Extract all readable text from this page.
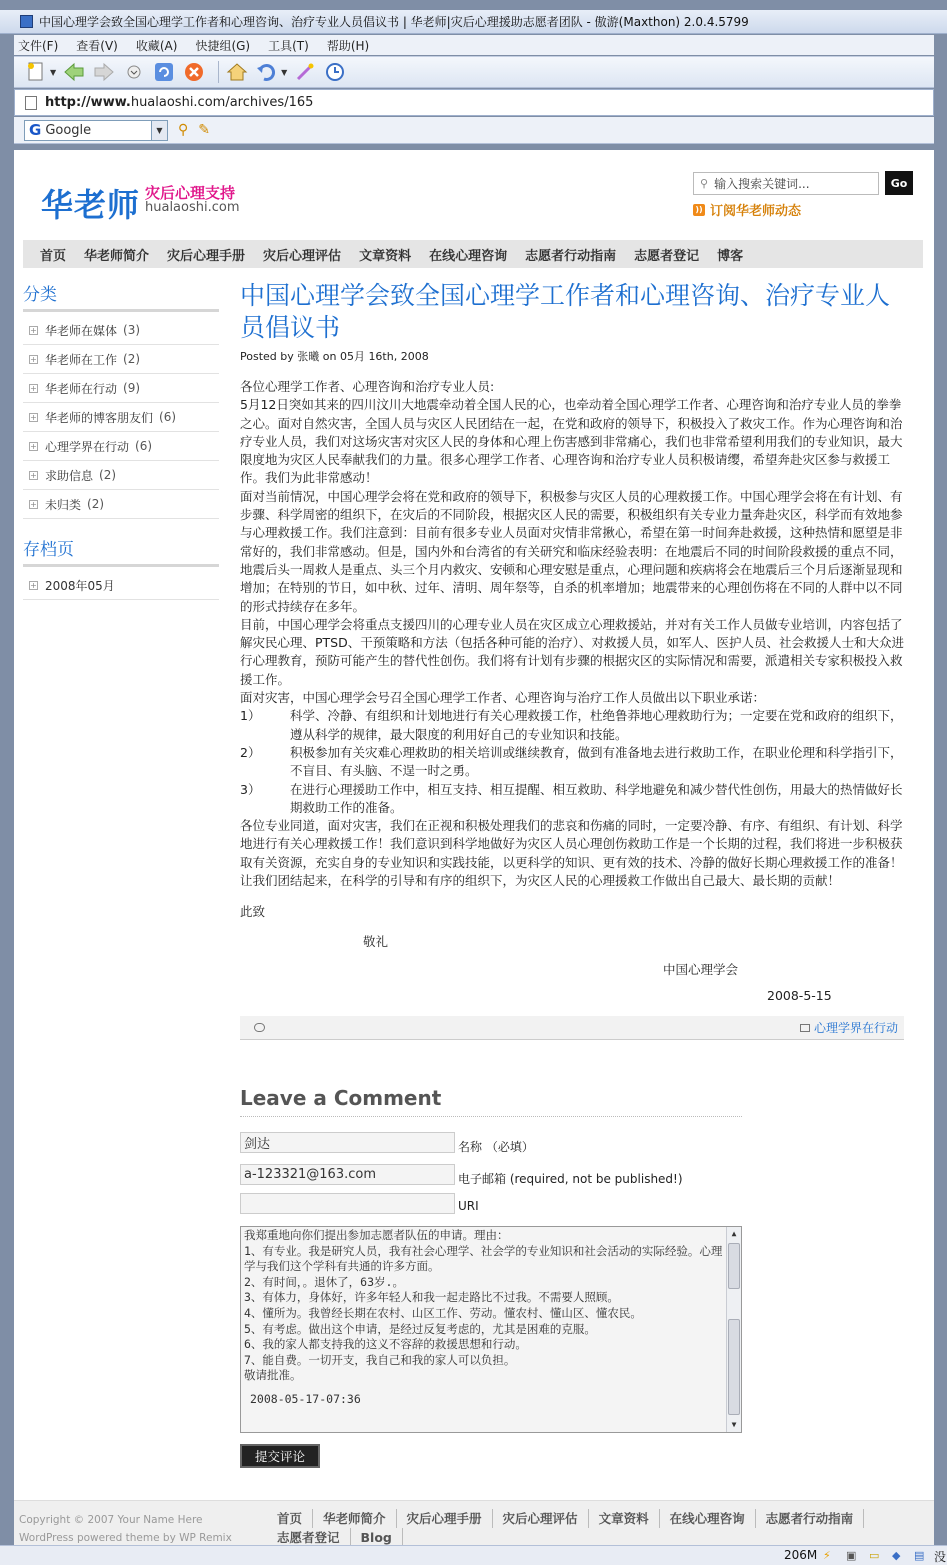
中国心理学会致全国心理学工作者和心理咨询、治疗专业人员倡议书 | 华老师|灾后心理援助志愿者团队 - 傲游(Maxthon) 2.0.4.5799
文件(F) 查看(V) 收藏(A) 快捷组(G) 工具(T) 帮助(H)
▼	▼
http://www. hualaoshi.com/archives/165
G Google	▼	⚲ ✎
华老师 灾后心理支持
hualaoshi.com
⚲ 输入搜索关键词...	Go
)) 订阅华老师动态
首页 华老师简介 灾后心理手册 灾后心理评估 文章资料 在线心理咨询 志愿者行动指南 志愿者登记 博客
分类
+ 华老师在媒体 (3)
+ 华老师在工作 (2)
+ 华老师在行动 (9)
+ 华老师的博客朋友们 (6)
+ 心理学界在行动 (6)
+ 求助信息 (2)
+ 未归类 (2)
存档页
+ 2008年05月
中国心理学会致全国心理学工作者和心理咨询、治疗专业人员倡议书
Posted by 张曦 on 05月 16th, 2008

各位心理学工作者、心理咨询和治疗专业人员:

5月12日突如其来的四川汶川大地震牵动着全国人民的心，也牵动着全国心理学工作者、心理咨询和治疗专业人员的拳拳之心。面对自然灾害，全国人员与灾区人民团结在一起，在党和政府的领导下，积极投入了救灾工作。作为心理咨询和治疗专业人员，我们对这场灾害对灾区人民的身体和心理上伤害感到非常痛心，我们也非常希望利用我们的专业知识，最大限度地为灾区人民奉献我们的力量。很多心理学工作者、心理咨询和治疗专业人员积极请缨，希望奔赴灾区参与救援工作。我们为此非常感动！

面对当前情况，中国心理学会将在党和政府的领导下，积极参与灾区人员的心理救援工作。中国心理学会将在有计划、有步骤、科学周密的组织下，在灾后的不同阶段，根据灾区人民的需要，积极组织有关专业力量奔赴灾区，科学而有效地参与心理救援工作。我们注意到：目前有很多专业人员面对灾情非常揪心，希望在第一时间奔赴救援，这种热情和愿望是非常好的，我们非常感动。但是，国内外和台湾省的有关研究和临床经验表明：在地震后不同的时间阶段救援的重点不同，地震后头一周救人是重点、头三个月内救灾、安顿和心理安慰是重点，心理问题和疾病将会在地震后三个月后逐渐显现和增加；在特别的节日，如中秋、过年、清明、周年祭等，自杀的机率增加；地震带来的心理创伤将在不同的人群中以不同的形式持续存在多年。

目前，中国心理学会将重点支援四川的心理专业人员在灾区成立心理救援站，并对有关工作人员做专业培训，内容包括了解灾民心理、PTSD、干预策略和方法（包括各种可能的治疗）、对救援人员，如军人、医护人员、社会救援人士和大众进行心理教育，预防可能产生的替代性创伤。我们将有计划有步骤的根据灾区的实际情况和需要，派遣相关专家积极投入救援工作。

面对灾害，中国心理学会号召全国心理学工作者、心理咨询与治疗工作人员做出以下职业承诺：

1）	科学、冷静、有组织和计划地进行有关心理救援工作，杜绝鲁莽地心理救助行为；一定要在党和政府的组织下，遵从科学的规律，最大限度的利用好自己的专业知识和技能。
2）	积极参加有关灾难心理救助的相关培训或继续教育，做到有准备地去进行救助工作，在职业伦理和科学指引下，不盲目、有头脑、不逞一时之勇。
3）	在进行心理援助工作中，相互支持、相互提醒、相互救助、科学地避免和减少替代性创伤，用最大的热情做好长期救助工作的准备。

各位专业同道，面对灾害，我们在正视和积极处理我们的悲哀和伤痛的同时，一定要冷静、有序、有组织、有计划、科学地进行有关心理救援工作！我们意识到科学地做好为灾区人员心理创伤救助工作是一个长期的过程，我们将进一步积极获取有关资源，充实自身的专业知识和实践技能，以更科学的知识、更有效的技术、冷静的做好长期心理救援工作的准备！

让我们团结起来，在科学的引导和有序的组织下，为灾区人民的心理援救工作做出自己最大、最长期的贡献！

此致
敬礼
中国心理学会
2008-5-15
心理学界在行动
Leave a Comment
剑达	名称 （必填）
a-123321@163.com	电子邮箱 (required, not be published!)
URI

我郑重地向你们提出参加志愿者队伍的申请。理由：

1、有专业。我是研究人员，我有社会心理学、社会学的专业知识和社会活动的实际经验。心理学与我们这个学科有共通的许多方面。

2、有时间，。退休了，63岁.。

3、有体力，身体好，许多年轻人和我一起走路比不过我。不需要人照顾。

4、懂所为。我曾经长期在农村、山区工作、劳动。懂农村、懂山区、懂农民。

5、有考虑。做出这个申请，是经过反复考虑的，尤其是困难的克服。

6、我的家人都支持我的这义不容辞的救援思想和行动。

7、能自费。一切开支，我自己和我的家人可以负担。

敬请批准。

2008-05-17-07:36

▲
▼
提交评论
Copyright © 2007 Your Name Here
WordPress powered theme by WP Remix
首页 华老师简介 灾后心理手册 灾后心理评估 文章资料 在线心理咨询 志愿者行动指南志愿者登记 Blog
206M ⚡	▣ ▭ ◆	▤ 没
